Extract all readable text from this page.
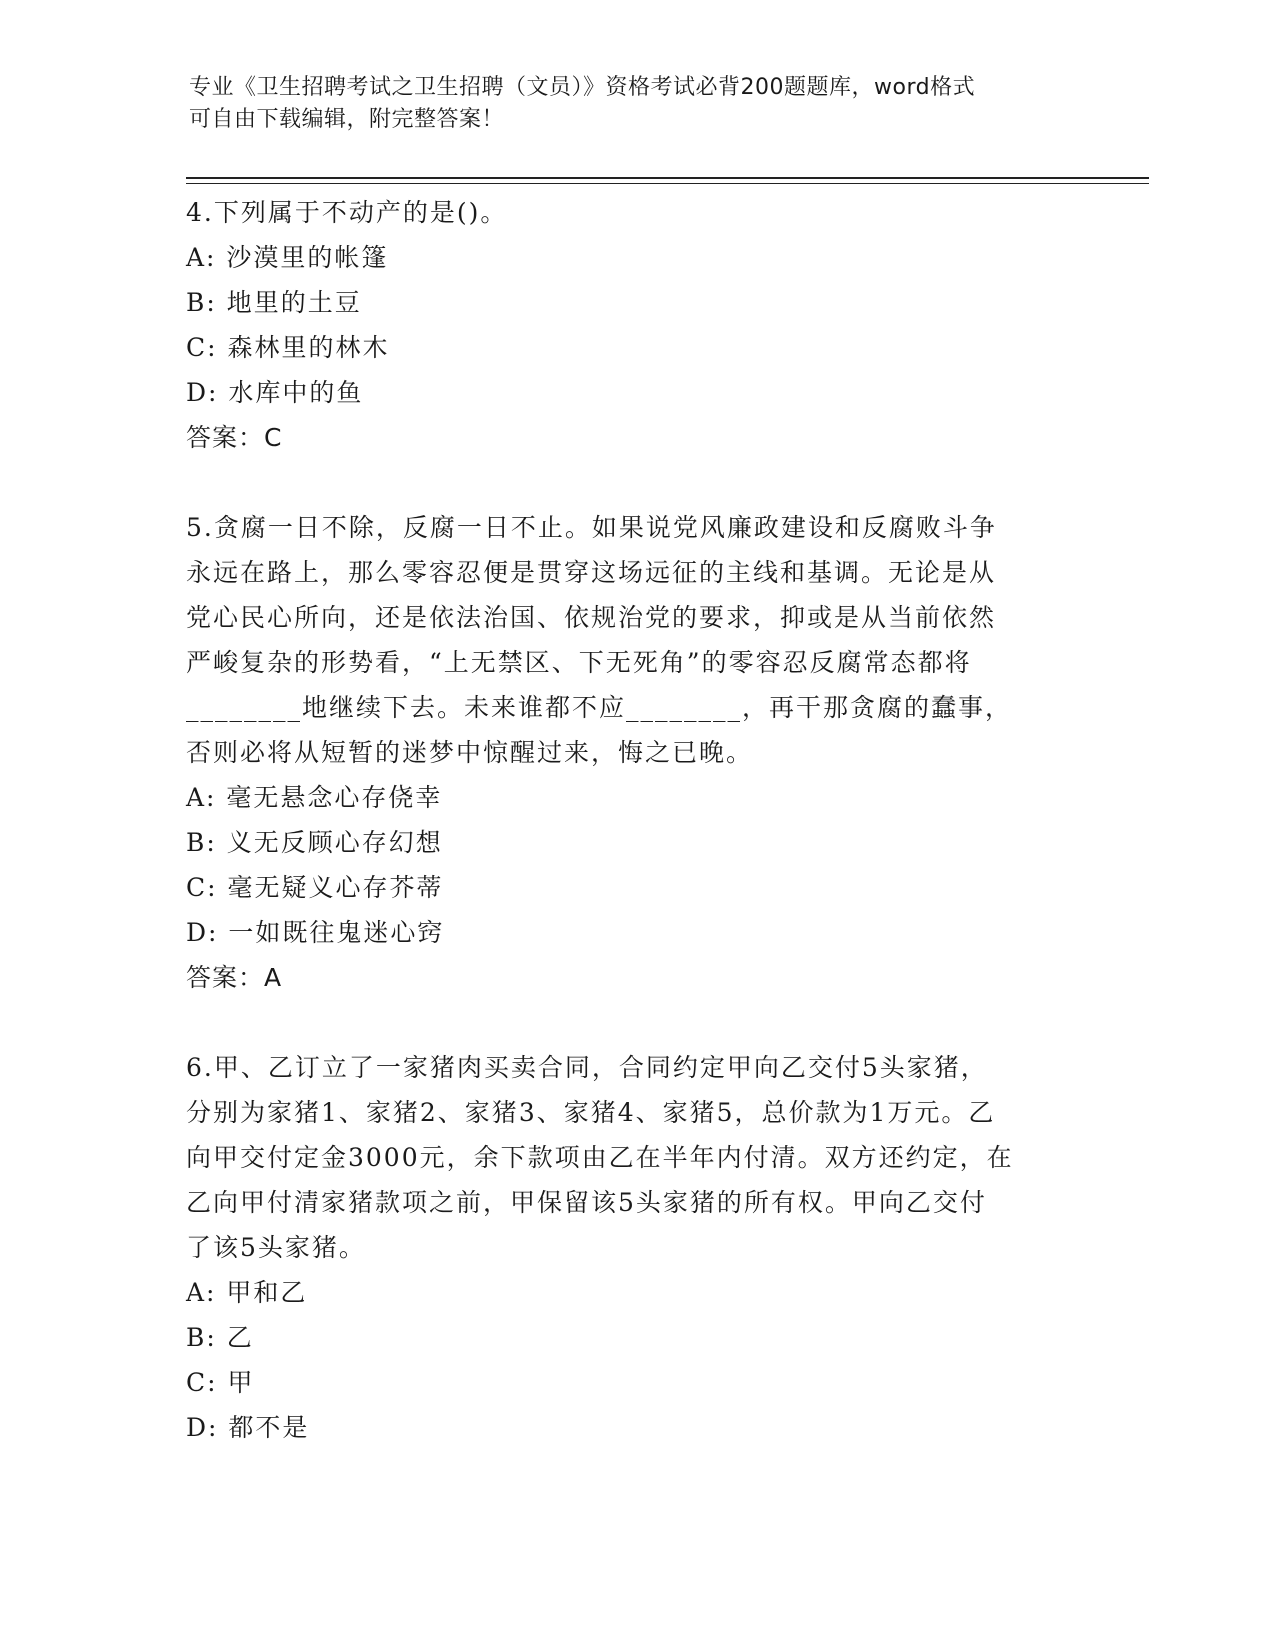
专业《卫生招聘考试之卫生招聘（文员）》资格考试必背200题题库，word格式
可自由下载编辑，附完整答案！
4.下列属于不动产的是()。
A: 沙漠里的帐篷
B: 地里的土豆
C: 森林里的林木
D: 水库中的鱼
答案：C
5.贪腐一日不除，反腐一日不止。如果说党风廉政建设和反腐败斗争
永远在路上，那么零容忍便是贯穿这场远征的主线和基调。无论是从
党心民心所向，还是依法治国、依规治党的要求，抑或是从当前依然
严峻复杂的形势看，“上无禁区、下无死角”的零容忍反腐常态都将
________地继续下去。未来谁都不应________，再干那贪腐的蠢事，
否则必将从短暂的迷梦中惊醒过来，悔之已晚。
A: 毫无悬念心存侥幸
B: 义无反顾心存幻想
C: 毫无疑义心存芥蒂
D: 一如既往鬼迷心窍
答案：A
6.甲、乙订立了一家猪肉买卖合同，合同约定甲向乙交付5头家猪，
分别为家猪1、家猪2、家猪3、家猪4、家猪5，总价款为1万元。乙
向甲交付定金3000元，余下款项由乙在半年内付清。双方还约定，在
乙向甲付清家猪款项之前，甲保留该5头家猪的所有权。甲向乙交付
了该5头家猪。
A: 甲和乙
B: 乙
C: 甲
D: 都不是
